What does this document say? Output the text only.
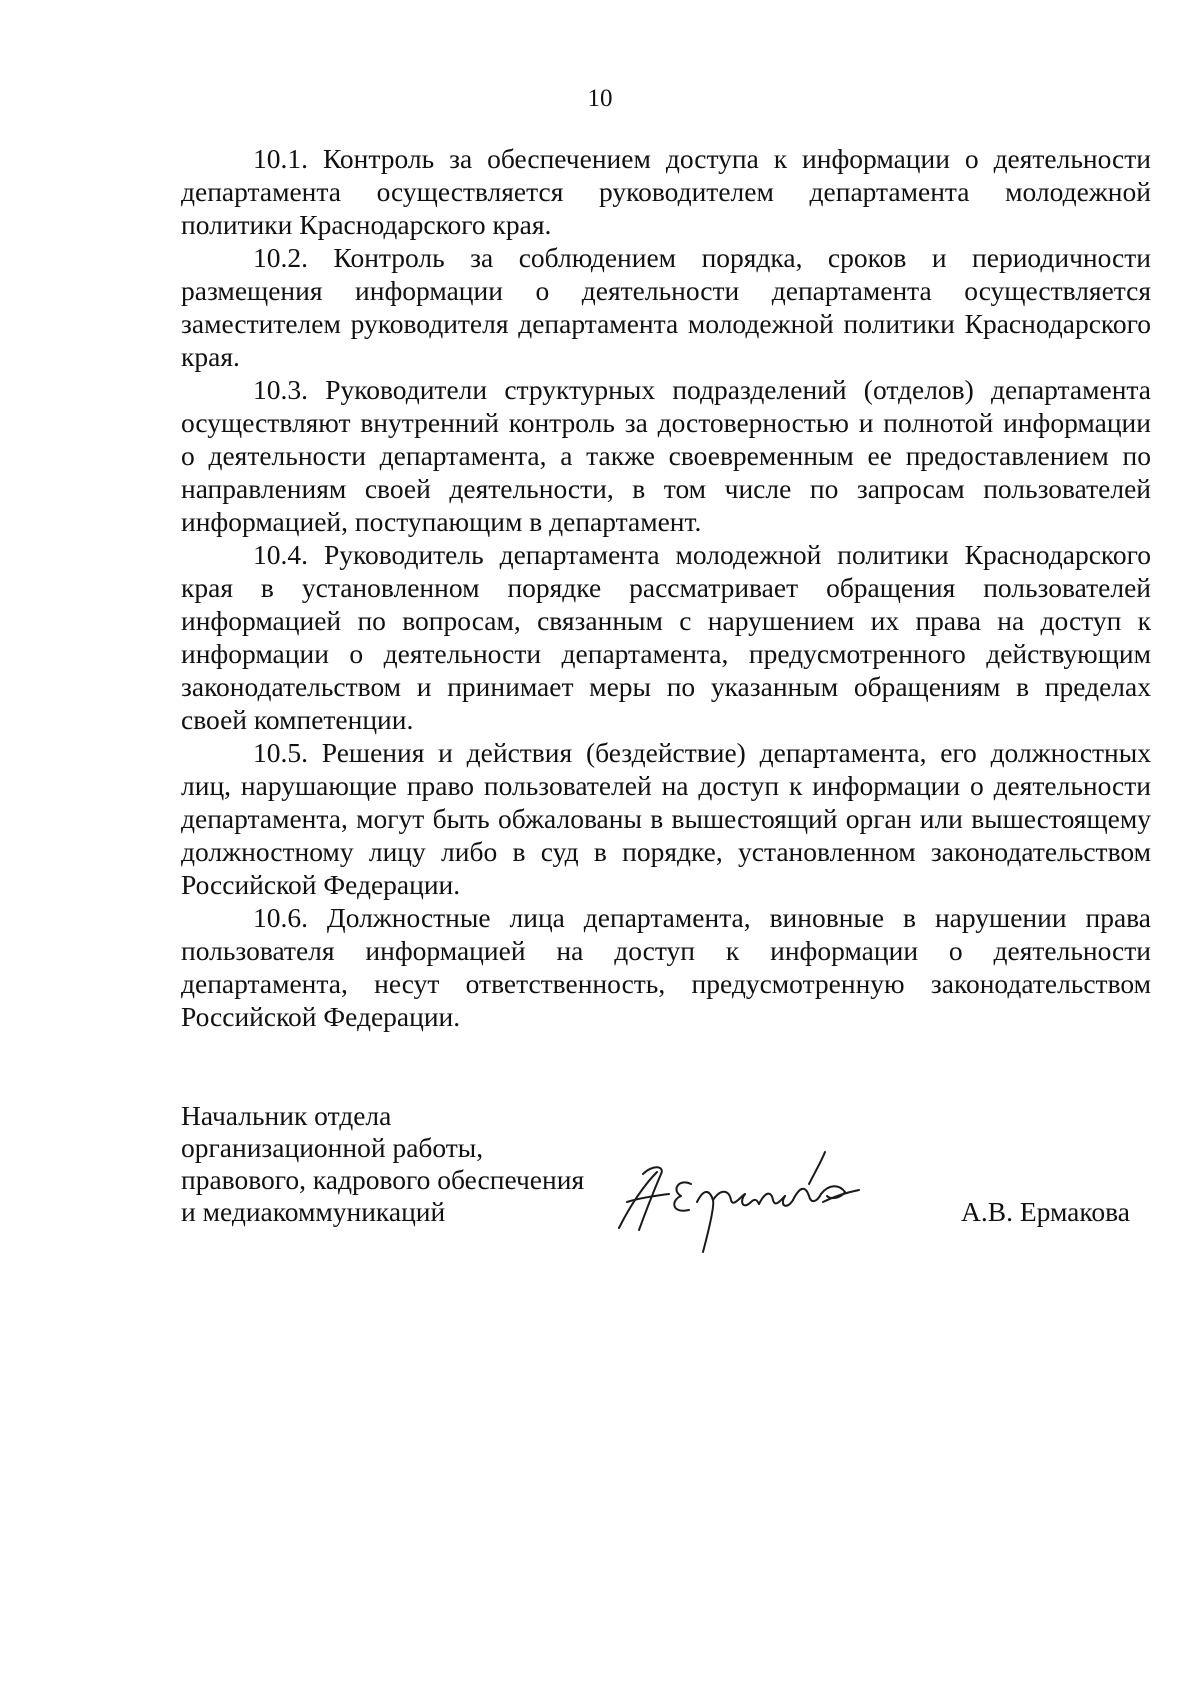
10

10.1. Контроль за обеспечением доступа к информации о деятельности департамента осуществляется руководителем департамента молодежной политики Краснодарского края.

10.2. Контроль за соблюдением порядка, сроков и периодичности размещения информации о деятельности департамента осуществляется заместителем руководителя департамента молодежной политики Краснодарского края.

10.3. Руководители структурных подразделений (отделов) департамента осуществляют внутренний контроль за достоверностью и полнотой информации о деятельности департамента, а также своевременным ее предоставлением по направлениям своей деятельности, в том числе по запросам пользователей информацией, поступающим в департамент.

10.4. Руководитель департамента молодежной политики Краснодарского края в установленном порядке рассматривает обращения пользователей информацией по вопросам, связанным с нарушением их права на доступ к информации о деятельности департамента, предусмотренного действующим законодательством и принимает меры по указанным обращениям в пределах своей компетенции.

10.5. Решения и действия (бездействие) департамента, его должностных лиц, нарушающие право пользователей на доступ к информации о деятельности департамента, могут быть обжалованы в вышестоящий орган или вышестоящему должностному лицу либо в суд в порядке, установленном законодательством Российской Федерации.

10.6. Должностные лица департамента, виновные в нарушении права пользователя информацией на доступ к информации о деятельности департамента, несут ответственность, предусмотренную законодательством Российской Федерации.

Начальник отдела
организационной работы,
правового, кадрового обеспечения
и медиакоммуникаций	А.В. Ермакова
